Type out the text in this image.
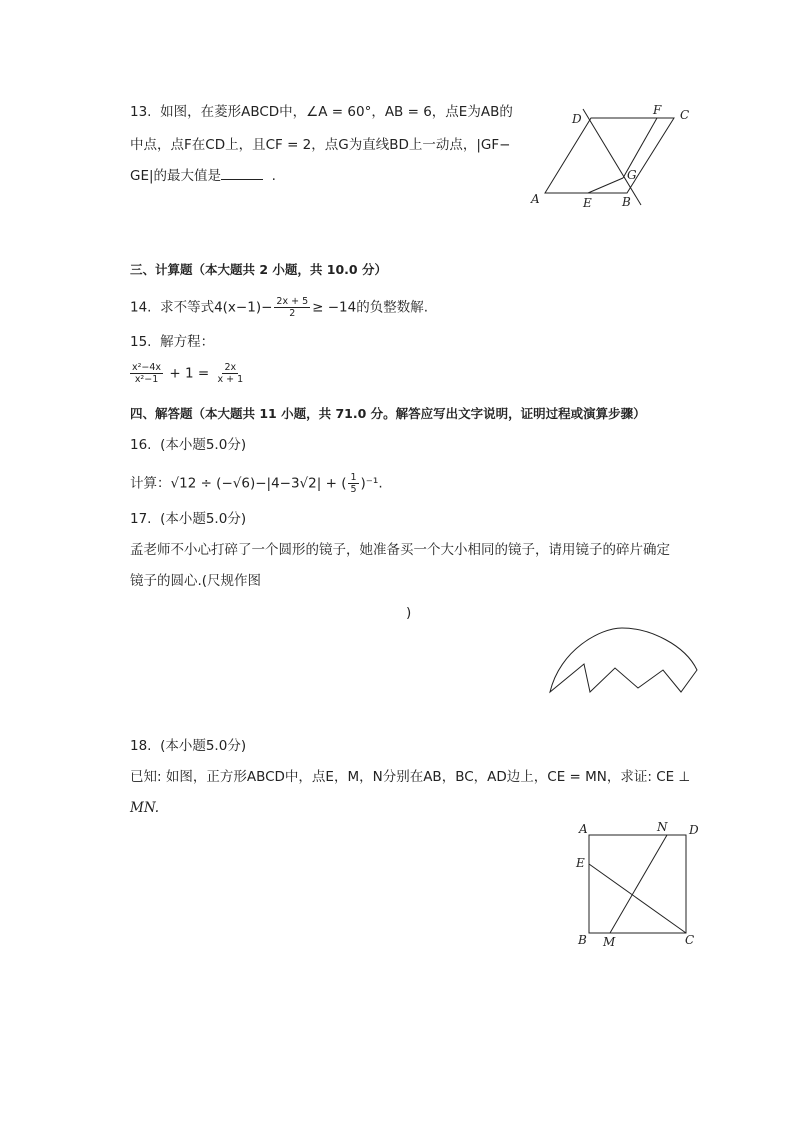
13. 如图，在菱形ABCD中，∠A = 60°，AB = 6，点E为AB的
中点，点F在CD上，且CF = 2，点G为直线BD上一动点，|GF−
GE|的最大值是	.
D
F C
G
A	E	B
三、计算题（本大题共 2 小题，共 10.0 分）
14. 求不等式$4(x-1)- \frac{2x + 5}{2} \ge -14$的负整数解.
15. 解方程：
$\frac{\text{x²−4x}}{\text{x²−1}} + 1 = \frac{2x}{x + 1}$
四、解答题（本大题共 11 小题，共 71.0 分。解答应写出文字说明，证明过程或演算步骤）
16. (本小题5.0分)
计算：√12 ÷ (−√6)−|4−3√2| + ( $\frac{1}{5} )^{-1}$.
17. (本小题5.0分)
孟老师不小心打碎了一个圆形的镜子，她准备买一个大小相同的镜子，请用镜子的碎片确定
镜子的圆心.(尺规作图
)
18. (本小题5.0分)
已知: 如图，正方形ABCD中，点E，M，N分别在AB，BC，AD边上，CE = MN，求证: CE ⊥
MN.
A	N D
E
B M	C
